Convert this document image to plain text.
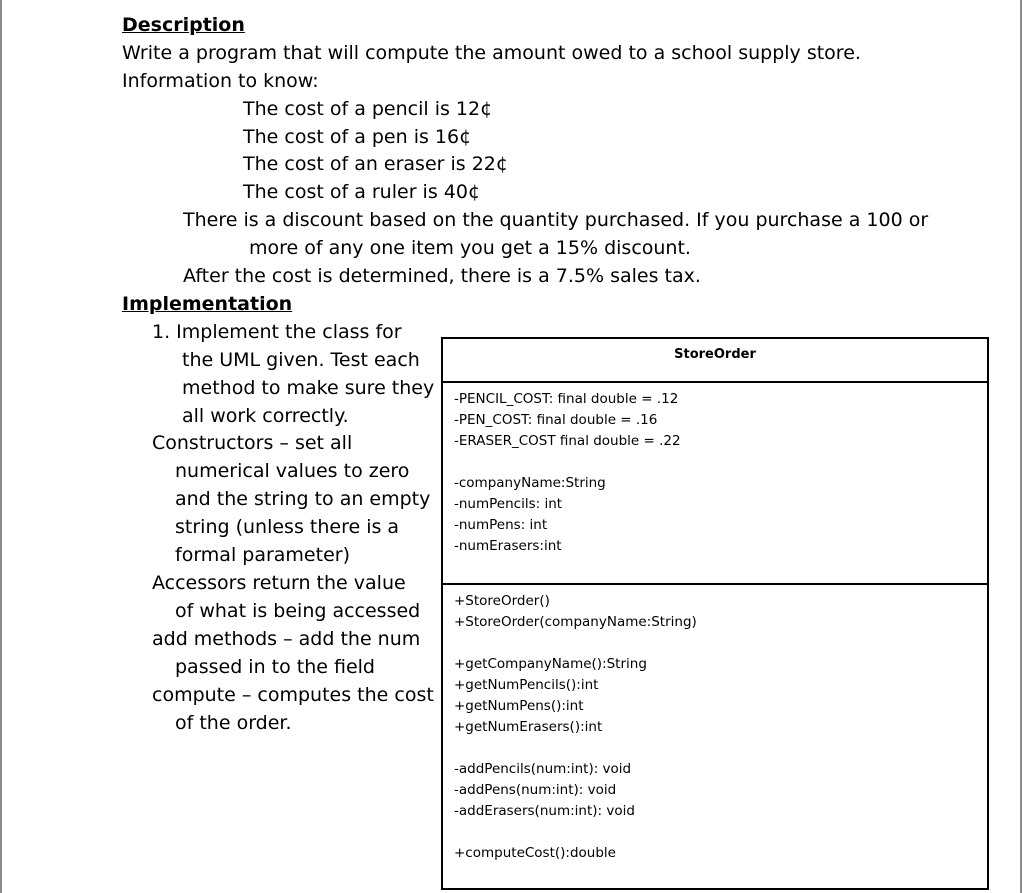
Description
Write a program that will compute the amount owed to a school supply store.
Information to know:
The cost of a pencil is 12¢
The cost of a pen is 16¢
The cost of an eraser is 22¢
The cost of a ruler is 40¢
There is a discount based on the quantity purchased. If you purchase a 100 or
more of any one item you get a 15% discount.
After the cost is determined, there is a 7.5% sales tax.
Implementation
1. Implement the class for
the UML given. Test each
method to make sure they
all work correctly.
Constructors – set all
numerical values to zero
and the string to an empty
string (unless there is a
formal parameter)
Accessors return the value
of what is being accessed
add methods – add the num
passed in to the field
compute – computes the cost
of the order.
StoreOrder
-PENCIL_COST: final double = .12
-PEN_COST: final double = .16
-ERASER_COST final double = .22
-companyName:String
-numPencils: int
-numPens: int
-numErasers:int
+StoreOrder()
+StoreOrder(companyName:String)
+getCompanyName():String
+getNumPencils():int
+getNumPens():int
+getNumErasers():int
-addPencils(num:int): void
-addPens(num:int): void
-addErasers(num:int): void
+computeCost():double
